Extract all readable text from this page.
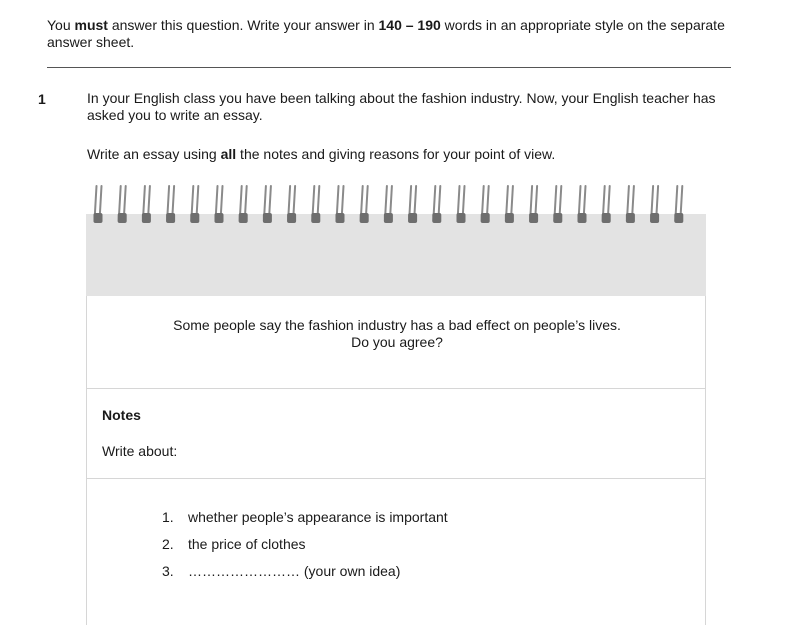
You must answer this question. Write your answer in 140 – 190 words in an appropriate style on the separate answer sheet.
1	In your English class you have been talking about the fashion industry. Now, your English teacher has asked you to write an essay.
Write an essay using all the notes and giving reasons for your point of view.
Some people say the fashion industry has a bad effect on people’s lives.
Do you agree?
Notes
Write about:
1. whether people’s appearance is important
2. the price of clothes
3. …………………… (your own idea)
